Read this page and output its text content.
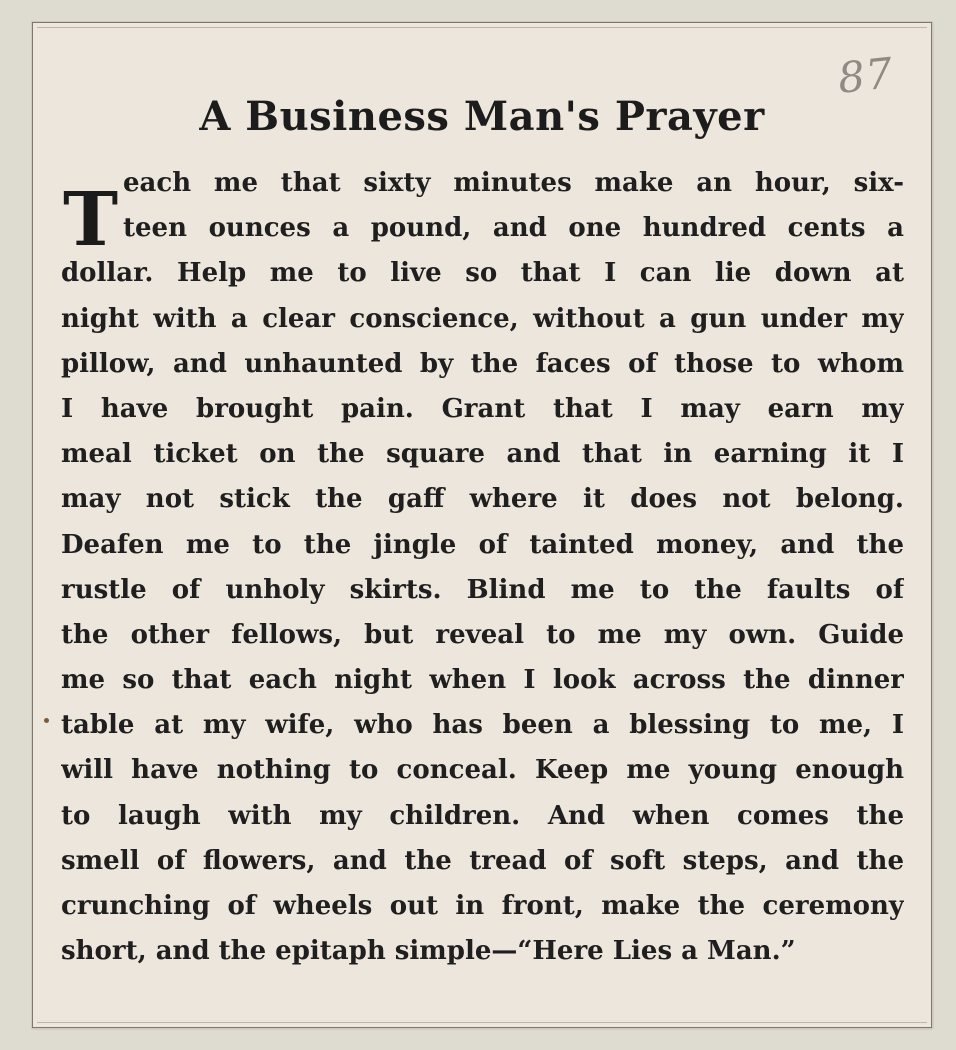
87
A Business Man's Prayer
T each me that sixty minutes make an hour, six-
teen ounces a pound, and one hundred cents a
dollar. Help me to live so that I can lie down at
night with a clear conscience, without a gun under my
pillow, and unhaunted by the faces of those to whom
I have brought pain. Grant that I may earn my
meal ticket on the square and that in earning it I
may not stick the gaff where it does not belong.
Deafen me to the jingle of tainted money, and the
rustle of unholy skirts. Blind me to the faults of
the other fellows, but reveal to me my own. Guide
me so that each night when I look across the dinner
table at my wife, who has been a blessing to me, I
will have nothing to conceal. Keep me young enough
to laugh with my children. And when comes the
smell of flowers, and the tread of soft steps, and the
crunching of wheels out in front, make the ceremony
short, and the epitaph simple—“Here Lies a Man.”
